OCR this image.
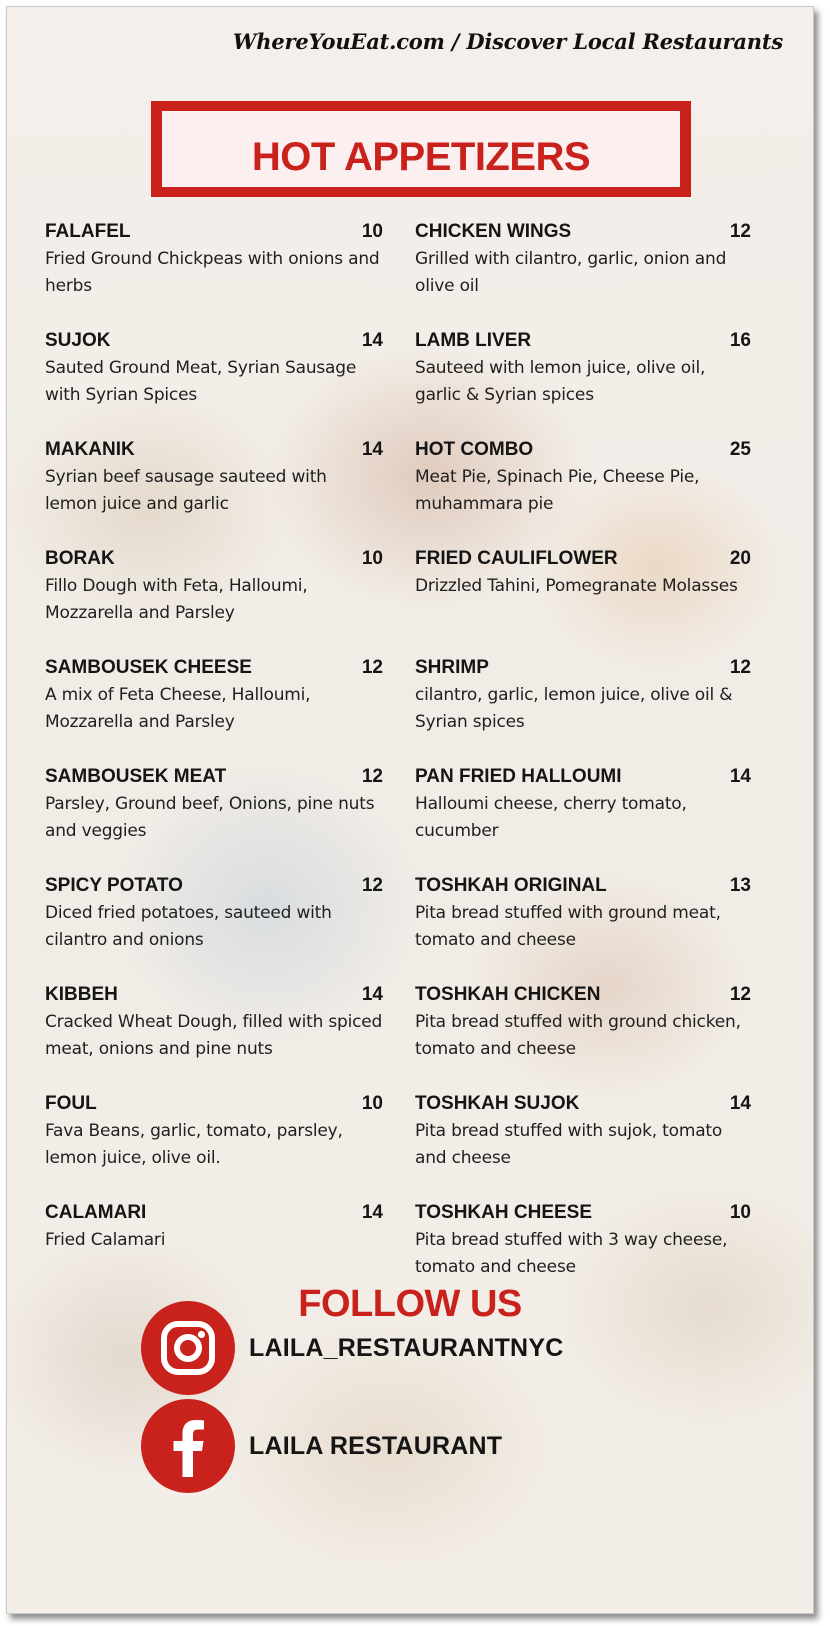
WhereYouEat.com / Discover Local Restaurants
HOT APPETIZERS
FALAFEL	10
Fried Ground Chickpeas with onions and herbs
SUJOK	14
Sauted Ground Meat, Syrian Sausage with Syrian Spices
MAKANIK	14
Syrian beef sausage sauteed with lemon juice and garlic
BORAK	10
Fillo Dough with Feta, Halloumi, Mozzarella and Parsley
SAMBOUSEK CHEESE	12
A mix of Feta Cheese, Halloumi, Mozzarella and Parsley
SAMBOUSEK MEAT	12
Parsley, Ground beef, Onions, pine nuts and veggies
SPICY POTATO	12
Diced fried potatoes, sauteed with cilantro and onions
KIBBEH	14
Cracked Wheat Dough, filled with spiced meat, onions and pine nuts
FOUL	10
Fava Beans, garlic, tomato, parsley, lemon juice, olive oil.
CALAMARI	14
Fried Calamari
CHICKEN WINGS	12
Grilled with cilantro, garlic, onion and olive oil
LAMB LIVER	16
Sauteed with lemon juice, olive oil, garlic & Syrian spices
HOT COMBO	25
Meat Pie, Spinach Pie, Cheese Pie, muhammara pie
FRIED CAULIFLOWER	20
Drizzled Tahini, Pomegranate Molasses
SHRIMP	12
cilantro, garlic, lemon juice, olive oil & Syrian spices
PAN FRIED HALLOUMI	14
Halloumi cheese, cherry tomato, cucumber
TOSHKAH ORIGINAL	13
Pita bread stuffed with ground meat, tomato and cheese
TOSHKAH CHICKEN	12
Pita bread stuffed with ground chicken, tomato and cheese
TOSHKAH SUJOK	14
Pita bread stuffed with sujok, tomato and cheese
TOSHKAH CHEESE	10
Pita bread stuffed with 3 way cheese, tomato and cheese
FOLLOW US
LAILA_RESTAURANTNYC
LAILA RESTAURANT
